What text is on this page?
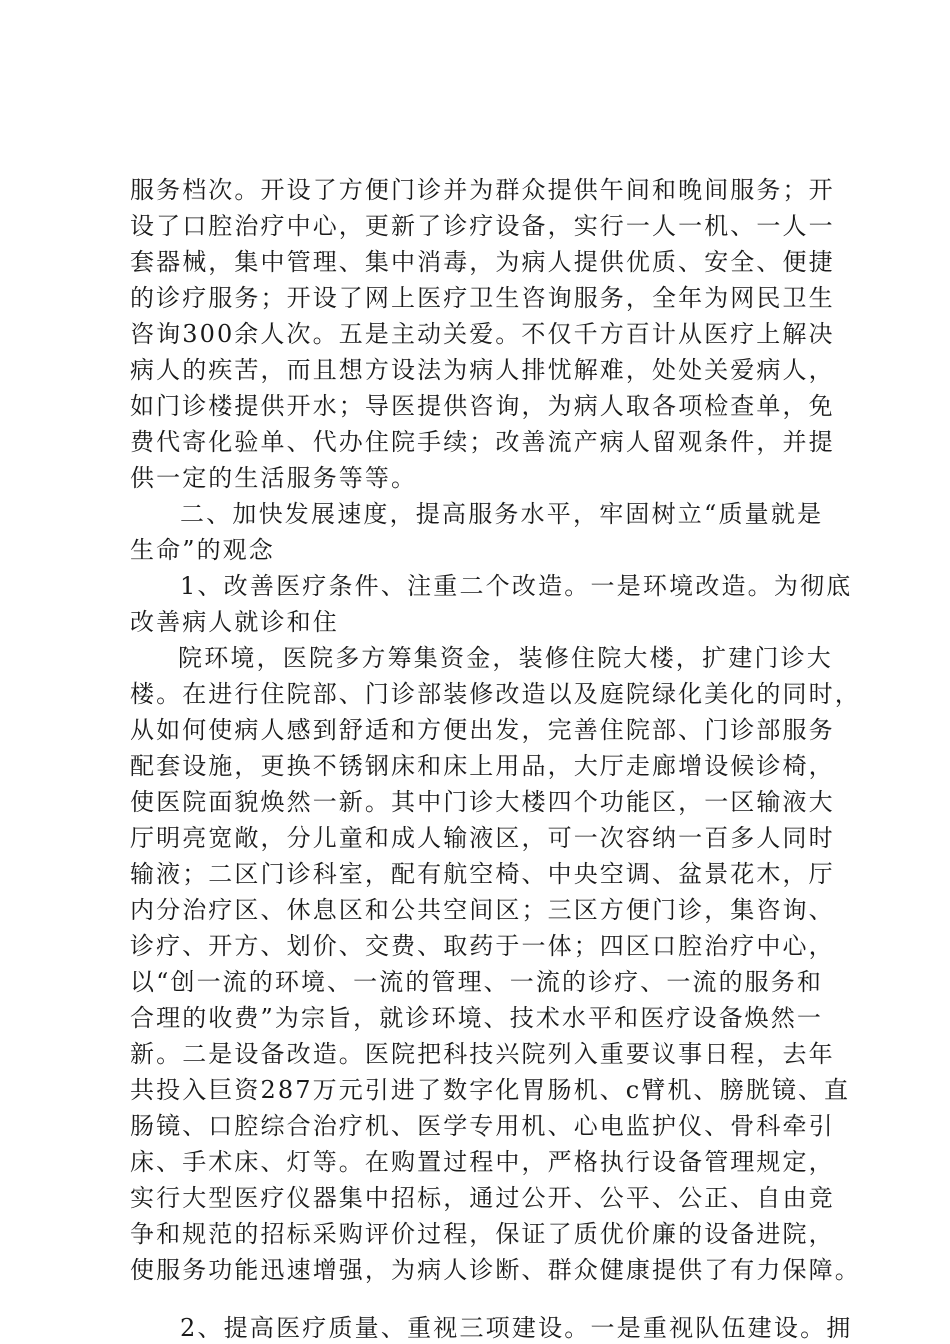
服务档次。开设了方便门诊并为群众提供午间和晚间服务；开
设了口腔治疗中心，更新了诊疗设备，实行一人一机、一人一
套器械，集中管理、集中消毒，为病人提供优质、安全、便捷
的诊疗服务；开设了网上医疗卫生咨询服务，全年为网民卫生
咨询300余人次。五是主动关爱。不仅千方百计从医疗上解决
病人的疾苦，而且想方设法为病人排忧解难，处处关爱病人，
如门诊楼提供开水；导医提供咨询，为病人取各项检查单，免
费代寄化验单、代办住院手续；改善流产病人留观条件，并提
供一定的生活服务等等。
二、加快发展速度，提高服务水平，牢固树立“质量就是
生命”的观念
1、改善医疗条件、注重二个改造。一是环境改造。为彻底
改善病人就诊和住
院环境，医院多方筹集资金，装修住院大楼，扩建门诊大
楼。在进行住院部、门诊部装修改造以及庭院绿化美化的同时，
从如何使病人感到舒适和方便出发，完善住院部、门诊部服务
配套设施，更换不锈钢床和床上用品，大厅走廊增设候诊椅，
使医院面貌焕然一新。其中门诊大楼四个功能区，一区输液大
厅明亮宽敞，分儿童和成人输液区，可一次容纳一百多人同时
输液；二区门诊科室，配有航空椅、中央空调、盆景花木，厅
内分治疗区、休息区和公共空间区；三区方便门诊，集咨询、
诊疗、开方、划价、交费、取药于一体；四区口腔治疗中心，
以“创一流的环境、一流的管理、一流的诊疗、一流的服务和
合理的收费”为宗旨，就诊环境、技术水平和医疗设备焕然一
新。二是设备改造。医院把科技兴院列入重要议事日程，去年
共投入巨资287万元引进了数字化胃肠机、c臂机、膀胱镜、直
肠镜、口腔综合治疗机、医学专用机、心电监护仪、骨科牵引
床、手术床、灯等。在购置过程中，严格执行设备管理规定，
实行大型医疗仪器集中招标，通过公开、公平、公正、自由竞
争和规范的招标采购评价过程，保证了质优价廉的设备进院，
使服务功能迅速增强，为病人诊断、群众健康提供了有力保障。
2、提高医疗质量、重视三项建设。一是重视队伍建设。拥
